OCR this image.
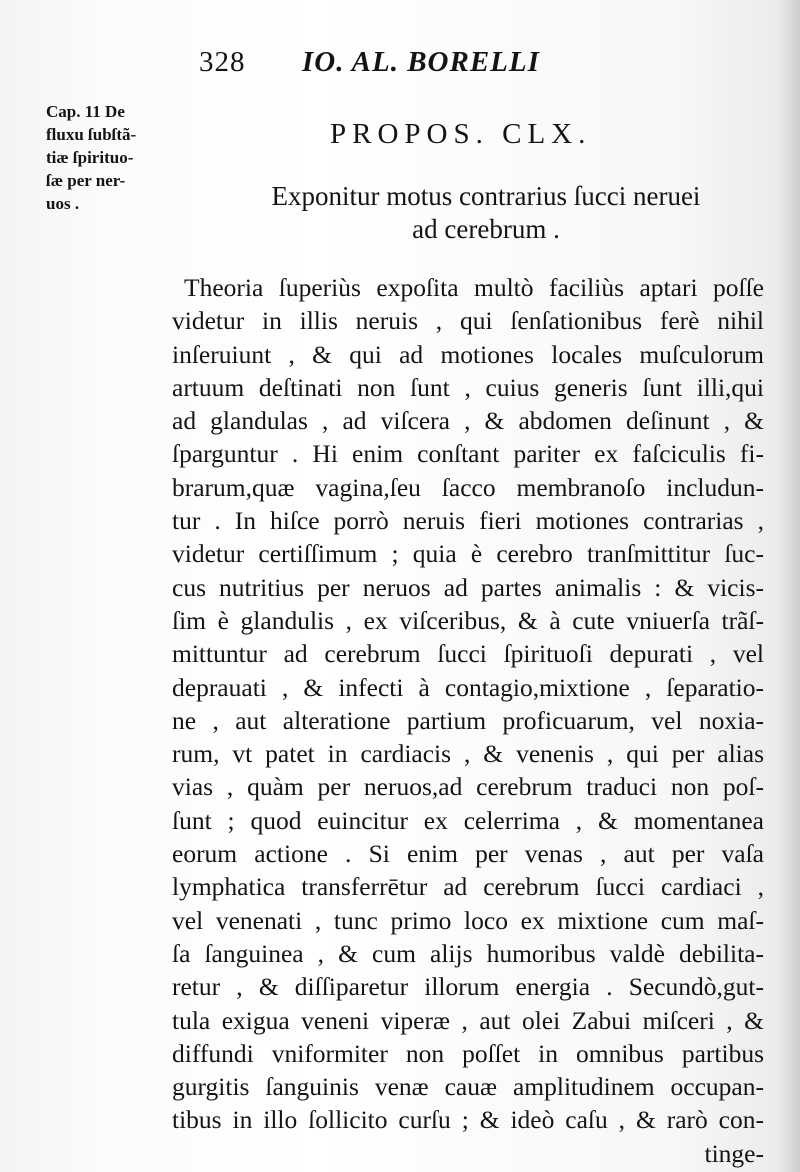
328 IO. AL. BORELLI
Cap. 11 De
fluxu ſubſtã-
tiæ ſpirituo-
ſæ per ner-
uos .
PROPOS. CLX.
Exponitur motus contrarius ſucci neruei
ad cerebrum .
Theoria ſuperiùs expoſita multò faciliùs aptari poſſe
videtur in illis neruis , qui ſenſationibus ferè nihil
inſeruiunt , & qui ad motiones locales muſculorum
artuum deſtinati non ſunt , cuius generis ſunt illi,qui
ad glandulas , ad viſcera , & abdomen deſinunt , &
ſparguntur . Hi enim conſtant pariter ex faſciculis fi-
brarum,quæ vagina,ſeu ſacco membranoſo includun-
tur . In hiſce porrò neruis fieri motiones contrarias ,
videtur certiſſimum ; quia è cerebro tranſmittitur ſuc-
cus nutritius per neruos ad partes animalis : & vicis-
ſim è glandulis , ex viſceribus, & à cute vniuerſa trãſ-
mittuntur ad cerebrum ſucci ſpirituoſi depurati , vel
deprauati , & infecti à contagio,mixtione , ſeparatio-
ne , aut alteratione partium proficuarum, vel noxia-
rum, vt patet in cardiacis , & venenis , qui per alias
vias , quàm per neruos,ad cerebrum traduci non poſ-
ſunt ; quod euincitur ex celerrima , & momentanea
eorum actione . Si enim per venas , aut per vaſa
lymphatica transferrētur ad cerebrum ſucci cardiaci ,
vel venenati , tunc primo loco ex mixtione cum maſ-
ſa ſanguinea , & cum alijs humoribus valdè debilita-
retur , & diſſiparetur illorum energia . Secundò,gut-
tula exigua veneni viperæ , aut olei Zabui miſceri , &
diffundi vniformiter non poſſet in omnibus partibus
gurgitis ſanguinis venæ cauæ amplitudinem occupan-
tibus in illo ſollicito curſu ; & ideò caſu , & rarò con-
tinge-
